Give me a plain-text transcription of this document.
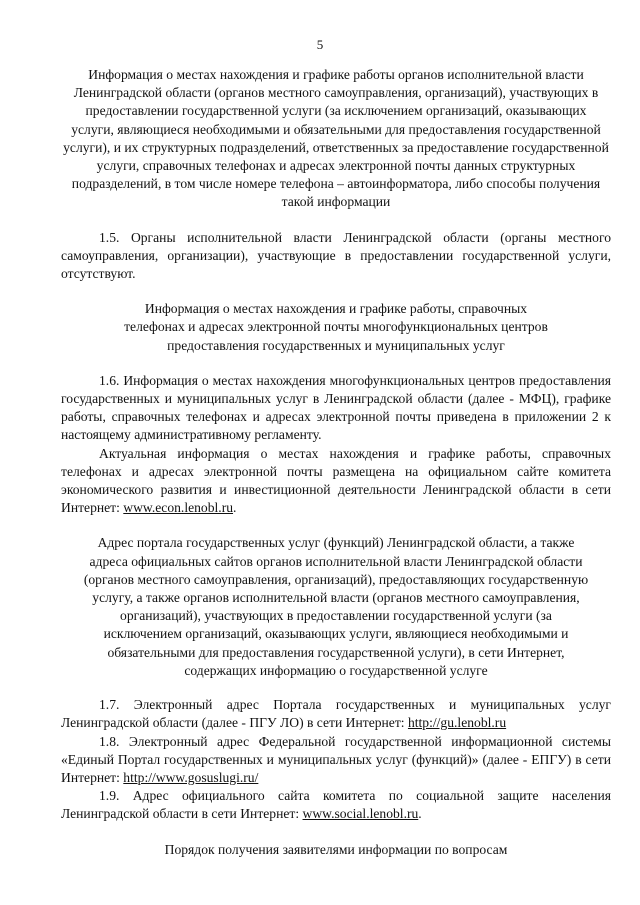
5
Информация о местах нахождения и графике работы органов исполнительной власти Ленинградской области (органов местного самоуправления, организаций), участвующих в предоставлении государственной услуги (за исключением организаций, оказывающих услуги, являющиеся необходимыми и обязательными для предоставления государственной услуги), и их структурных подразделений, ответственных за предоставление государственной услуги, справочных телефонах и адресах электронной почты данных структурных подразделений, в том числе номере телефона – автоинформатора, либо способы получения такой информации

1.5. Органы исполнительной власти Ленинградской области (органы местного самоуправления, организации), участвующие в предоставлении государственной услуги, отсутствуют.

Информация о местах нахождения и графике работы, справочных телефонах и адресах электронной почты многофункциональных центров предоставления государственных и муниципальных услуг

1.6. Информация о местах нахождения многофункциональных центров предоставления государственных и муниципальных услуг в Ленинградской области (далее - МФЦ), графике работы, справочных телефонах и адресах электронной почты приведена в приложении 2 к настоящему административному регламенту.

Актуальная информация о местах нахождения и графике работы, справочных телефонах и адресах электронной почты размещена на официальном сайте комитета экономического развития и инвестиционной деятельности Ленинградской области в сети Интернет: www.econ.lenobl.ru.

Адрес портала государственных услуг (функций) Ленинградской области, а также адреса официальных сайтов органов исполнительной власти Ленинградской области (органов местного самоуправления, организаций), предоставляющих государственную услугу, а также органов исполнительной власти (органов местного самоуправления, организаций), участвующих в предоставлении государственной услуги (за исключением организаций, оказывающих услуги, являющиеся необходимыми и обязательными для предоставления государственной услуги), в сети Интернет, содержащих информацию о государственной услуге

1.7. Электронный адрес Портала государственных и муниципальных услуг Ленинградской области (далее - ПГУ ЛО) в сети Интернет: http://gu.lenobl.ru

1.8. Электронный адрес Федеральной государственной информационной системы «Единый Портал государственных и муниципальных услуг (функций)» (далее - ЕПГУ) в сети Интернет: http://www.gosuslugi.ru/

1.9. Адрес официального сайта комитета по социальной защите населения Ленинградской области в сети Интернет: www.social.lenobl.ru.

Порядок получения заявителями информации по вопросам
